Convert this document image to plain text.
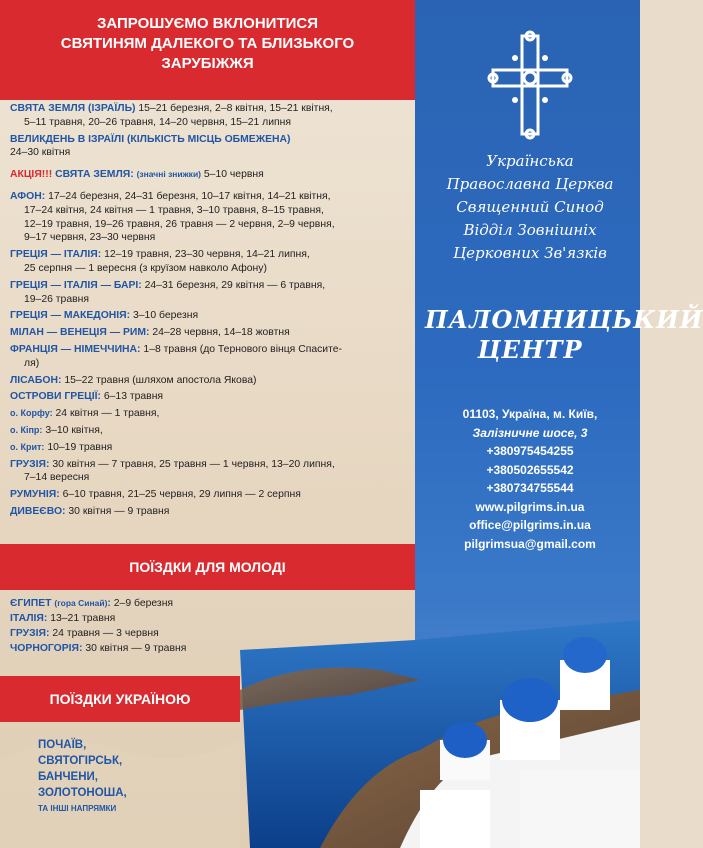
ЗАПРОШУЄМО ВКЛОНИТИСЯ
СВЯТИНЯМ ДАЛЕКОГО ТА БЛИЗЬКОГО
ЗАРУБІЖЖЯ
СВЯТА ЗЕМЛЯ (ІЗРАЇЛЬ) 15–21 березня, 2–8 квітня, 15–21 квітня,
5–11 травня, 20–26 травня, 14–20 червня, 15–21 липня
ВЕЛИКДЕНЬ В ІЗРАЇЛІ (КІЛЬКІСТЬ МІСЦЬ ОБМЕЖЕНА)
24–30 квітня
АКЦІЯ!!! СВЯТА ЗЕМЛЯ: (значні знижки) 5–10 червня
АФОН: 17–24 березня, 24–31 березня, 10–17 квітня, 14–21 квітня,
17–24 квітня, 24 квітня — 1 травня, 3–10 травня, 8–15 травня,
12–19 травня, 19–26 травня, 26 травня — 2 червня, 2–9 червня,
9–17 червня, 23–30 червня
ГРЕЦІЯ — ІТАЛІЯ: 12–19 травня, 23–30 червня, 14–21 липня,
25 серпня — 1 вересня (з круїзом навколо Афону)
ГРЕЦІЯ — ІТАЛІЯ — БАРІ: 24–31 березня, 29 квітня — 6 травня,
19–26 травня
ГРЕЦІЯ — МАКЕДОНІЯ: 3–10 березня
МІЛАН — ВЕНЕЦІЯ — РИМ: 24–28 червня, 14–18 жовтня
ФРАНЦІЯ — НІМЕЧЧИНА: 1–8 травня (до Тернового вінця Спасите-
ля)
ЛІСАБОН: 15–22 травня (шляхом апостола Якова)
ОСТРОВИ ГРЕЦІЇ: 6–13 травня
о. Корфу: 24 квітня — 1 травня,
о. Кіпр: 3–10 квітня,
о. Крит: 10–19 травня
ГРУЗІЯ: 30 квітня — 7 травня, 25 травня — 1 червня, 13–20 липня,
7–14 вересня
РУМУНІЯ: 6–10 травня, 21–25 червня, 29 липня — 2 серпня
ДИВЕЄВО: 30 квітня — 9 травня
ПОЇЗДКИ ДЛЯ МОЛОДІ
ЄГИПЕТ (гора Синай): 2–9 березня
ІТАЛІЯ: 13–21 травня
ГРУЗІЯ: 24 травня — 3 червня
ЧОРНОГОРІЯ: 30 квітня — 9 травня
ПОЇЗДКИ УКРАЇНОЮ
ПОЧАЇВ,
СВЯТОГІРСЬК,
БАНЧЕНИ,
ЗОЛОТОНОША,
ТА ІНШІ НАПРЯМКИ
Українська
Православна Церква
Священний Синод
Відділ Зовнішніх
Церковних Зв'язків
ПАЛОМНИЦЬКИЙ
ЦЕНТР
01103, Україна, м. Київ,
Залізничне шосе, 3
+380975454255
+380502655542
+380734755544
www.pilgrims.in.ua
office@pilgrims.in.ua
pilgrimsua@gmail.com
